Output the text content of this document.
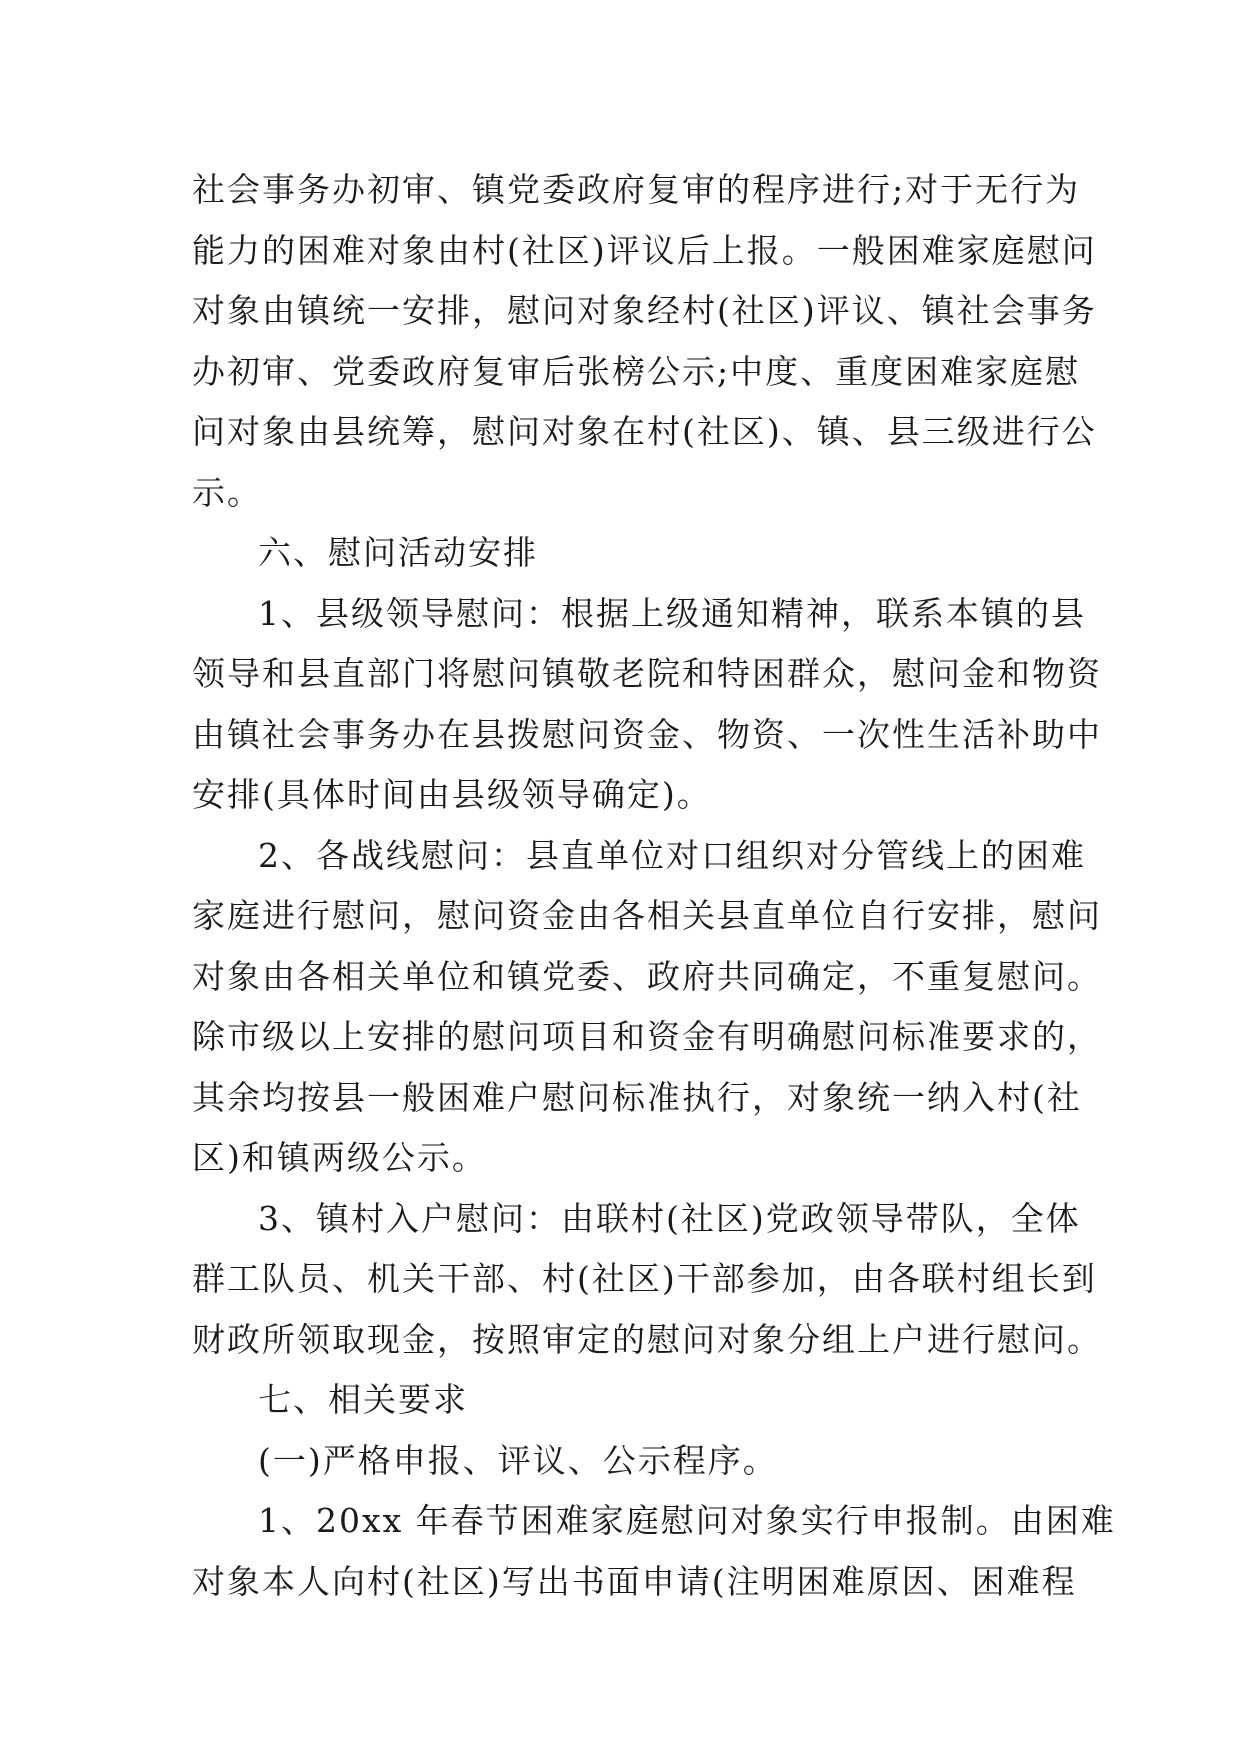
社会事务办初审、镇党委政府复审的程序进行;对于无行为
能力的困难对象由村(社区)评议后上报。一般困难家庭慰问
对象由镇统一安排，慰问对象经村(社区)评议、镇社会事务
办初审、党委政府复审后张榜公示;中度、重度困难家庭慰
问对象由县统筹，慰问对象在村(社区)、镇、县三级进行公
示。
六、慰问活动安排
1、县级领导慰问：根据上级通知精神，联系本镇的县
领导和县直部门将慰问镇敬老院和特困群众，慰问金和物资
由镇社会事务办在县拨慰问资金、物资、一次性生活补助中
安排(具体时间由县级领导确定)。
2、各战线慰问：县直单位对口组织对分管线上的困难
家庭进行慰问，慰问资金由各相关县直单位自行安排，慰问
对象由各相关单位和镇党委、政府共同确定，不重复慰问。
除市级以上安排的慰问项目和资金有明确慰问标准要求的，
其余均按县一般困难户慰问标准执行，对象统一纳入村(社
区)和镇两级公示。
3、镇村入户慰问：由联村(社区)党政领导带队，全体
群工队员、机关干部、村(社区)干部参加，由各联村组长到
财政所领取现金，按照审定的慰问对象分组上户进行慰问。
七、相关要求
(一)严格申报、评议、公示程序。
1、20xx 年春节困难家庭慰问对象实行申报制。由困难
对象本人向村(社区)写出书面申请(注明困难原因、困难程
